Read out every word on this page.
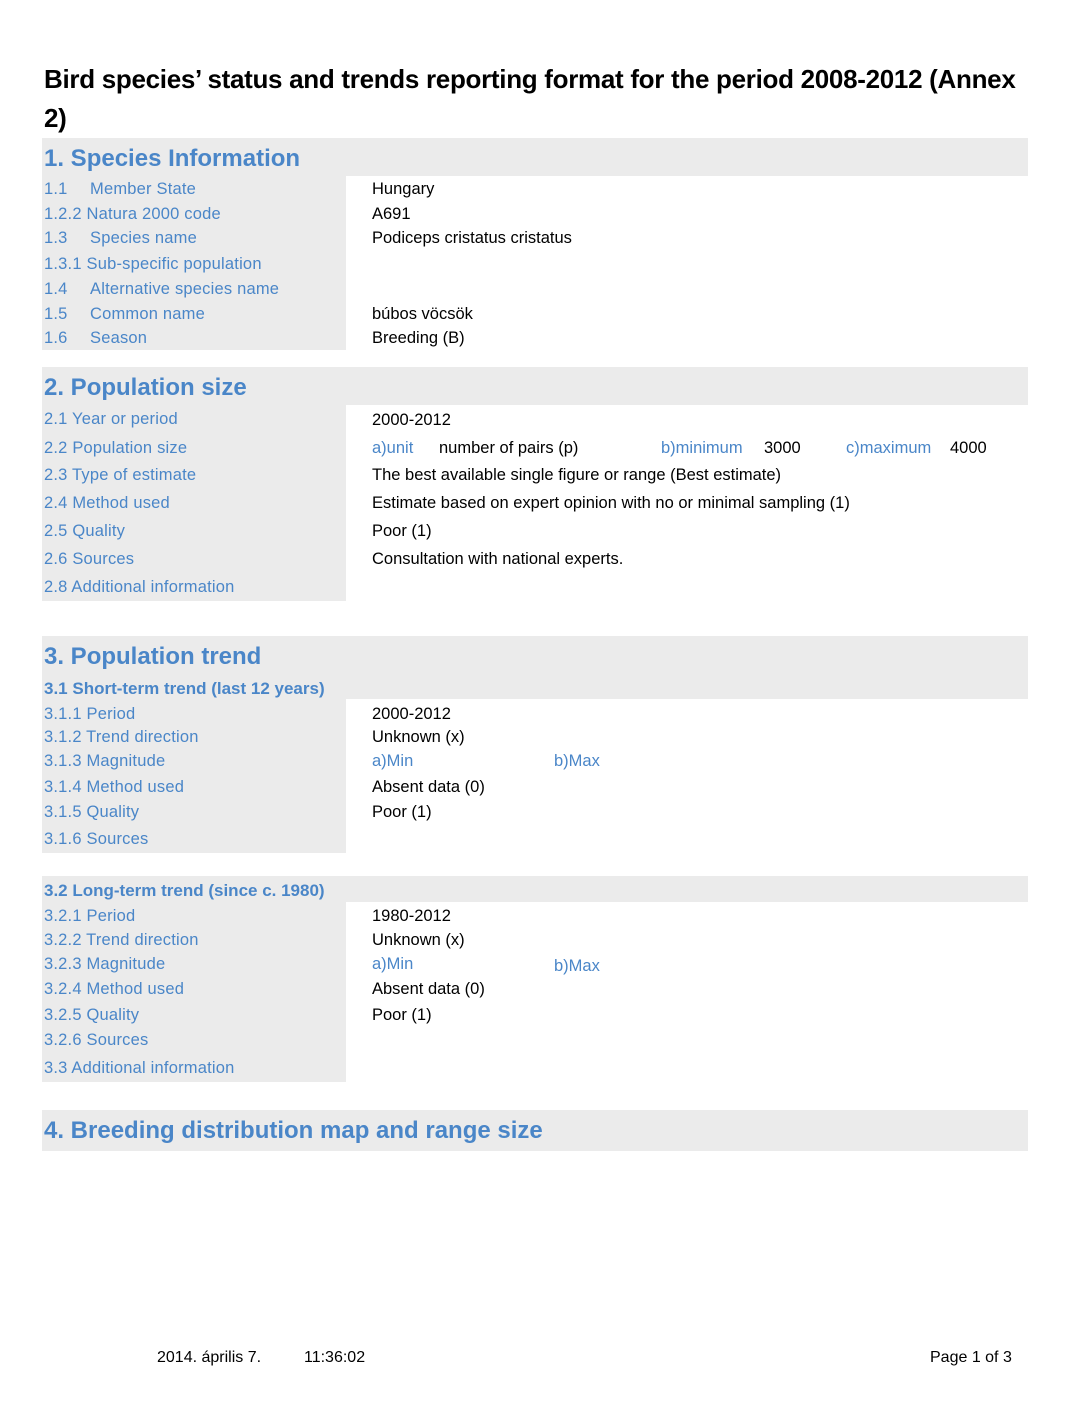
Bird species’ status and trends reporting format for the period 2008-2012 (Annex 2)
1. Species Information
1.1 Member State	Hungary
1.2.2 Natura 2000 code	A691
1.3 Species name	Podiceps cristatus cristatus
1.3.1 Sub-specific population
1.4 Alternative species name
1.5 Common name	búbos vöcsök
1.6 Season	Breeding (B)
2. Population size
2.1 Year or period	2000-2012
2.2 Population size	a)unit number of pairs (p)	b)minimum 3000	c)maximum 4000
2.3 Type of estimate	The best available single figure or range (Best estimate)
2.4 Method used	Estimate based on expert opinion with no or minimal sampling (1)
2.5 Quality	Poor (1)
2.6 Sources	Consultation with national experts.
2.8 Additional information
3. Population trend
3.1 Short-term trend (last 12 years)
3.1.1 Period	2000-2012
3.1.2 Trend direction	Unknown (x)
3.1.3 Magnitude	a)Min	b)Max
3.1.4 Method used	Absent data (0)
3.1.5 Quality	Poor (1)
3.1.6 Sources
3.2 Long-term trend (since c. 1980)
3.2.1 Period	1980-2012
3.2.2 Trend direction	Unknown (x)
3.2.3 Magnitude	a)Min	b)Max
3.2.4 Method used	Absent data (0)
3.2.5 Quality	Poor (1)
3.2.6 Sources
3.3 Additional information
4. Breeding distribution map and range size
2014. április 7.	11:36:02	Page 1 of 3
